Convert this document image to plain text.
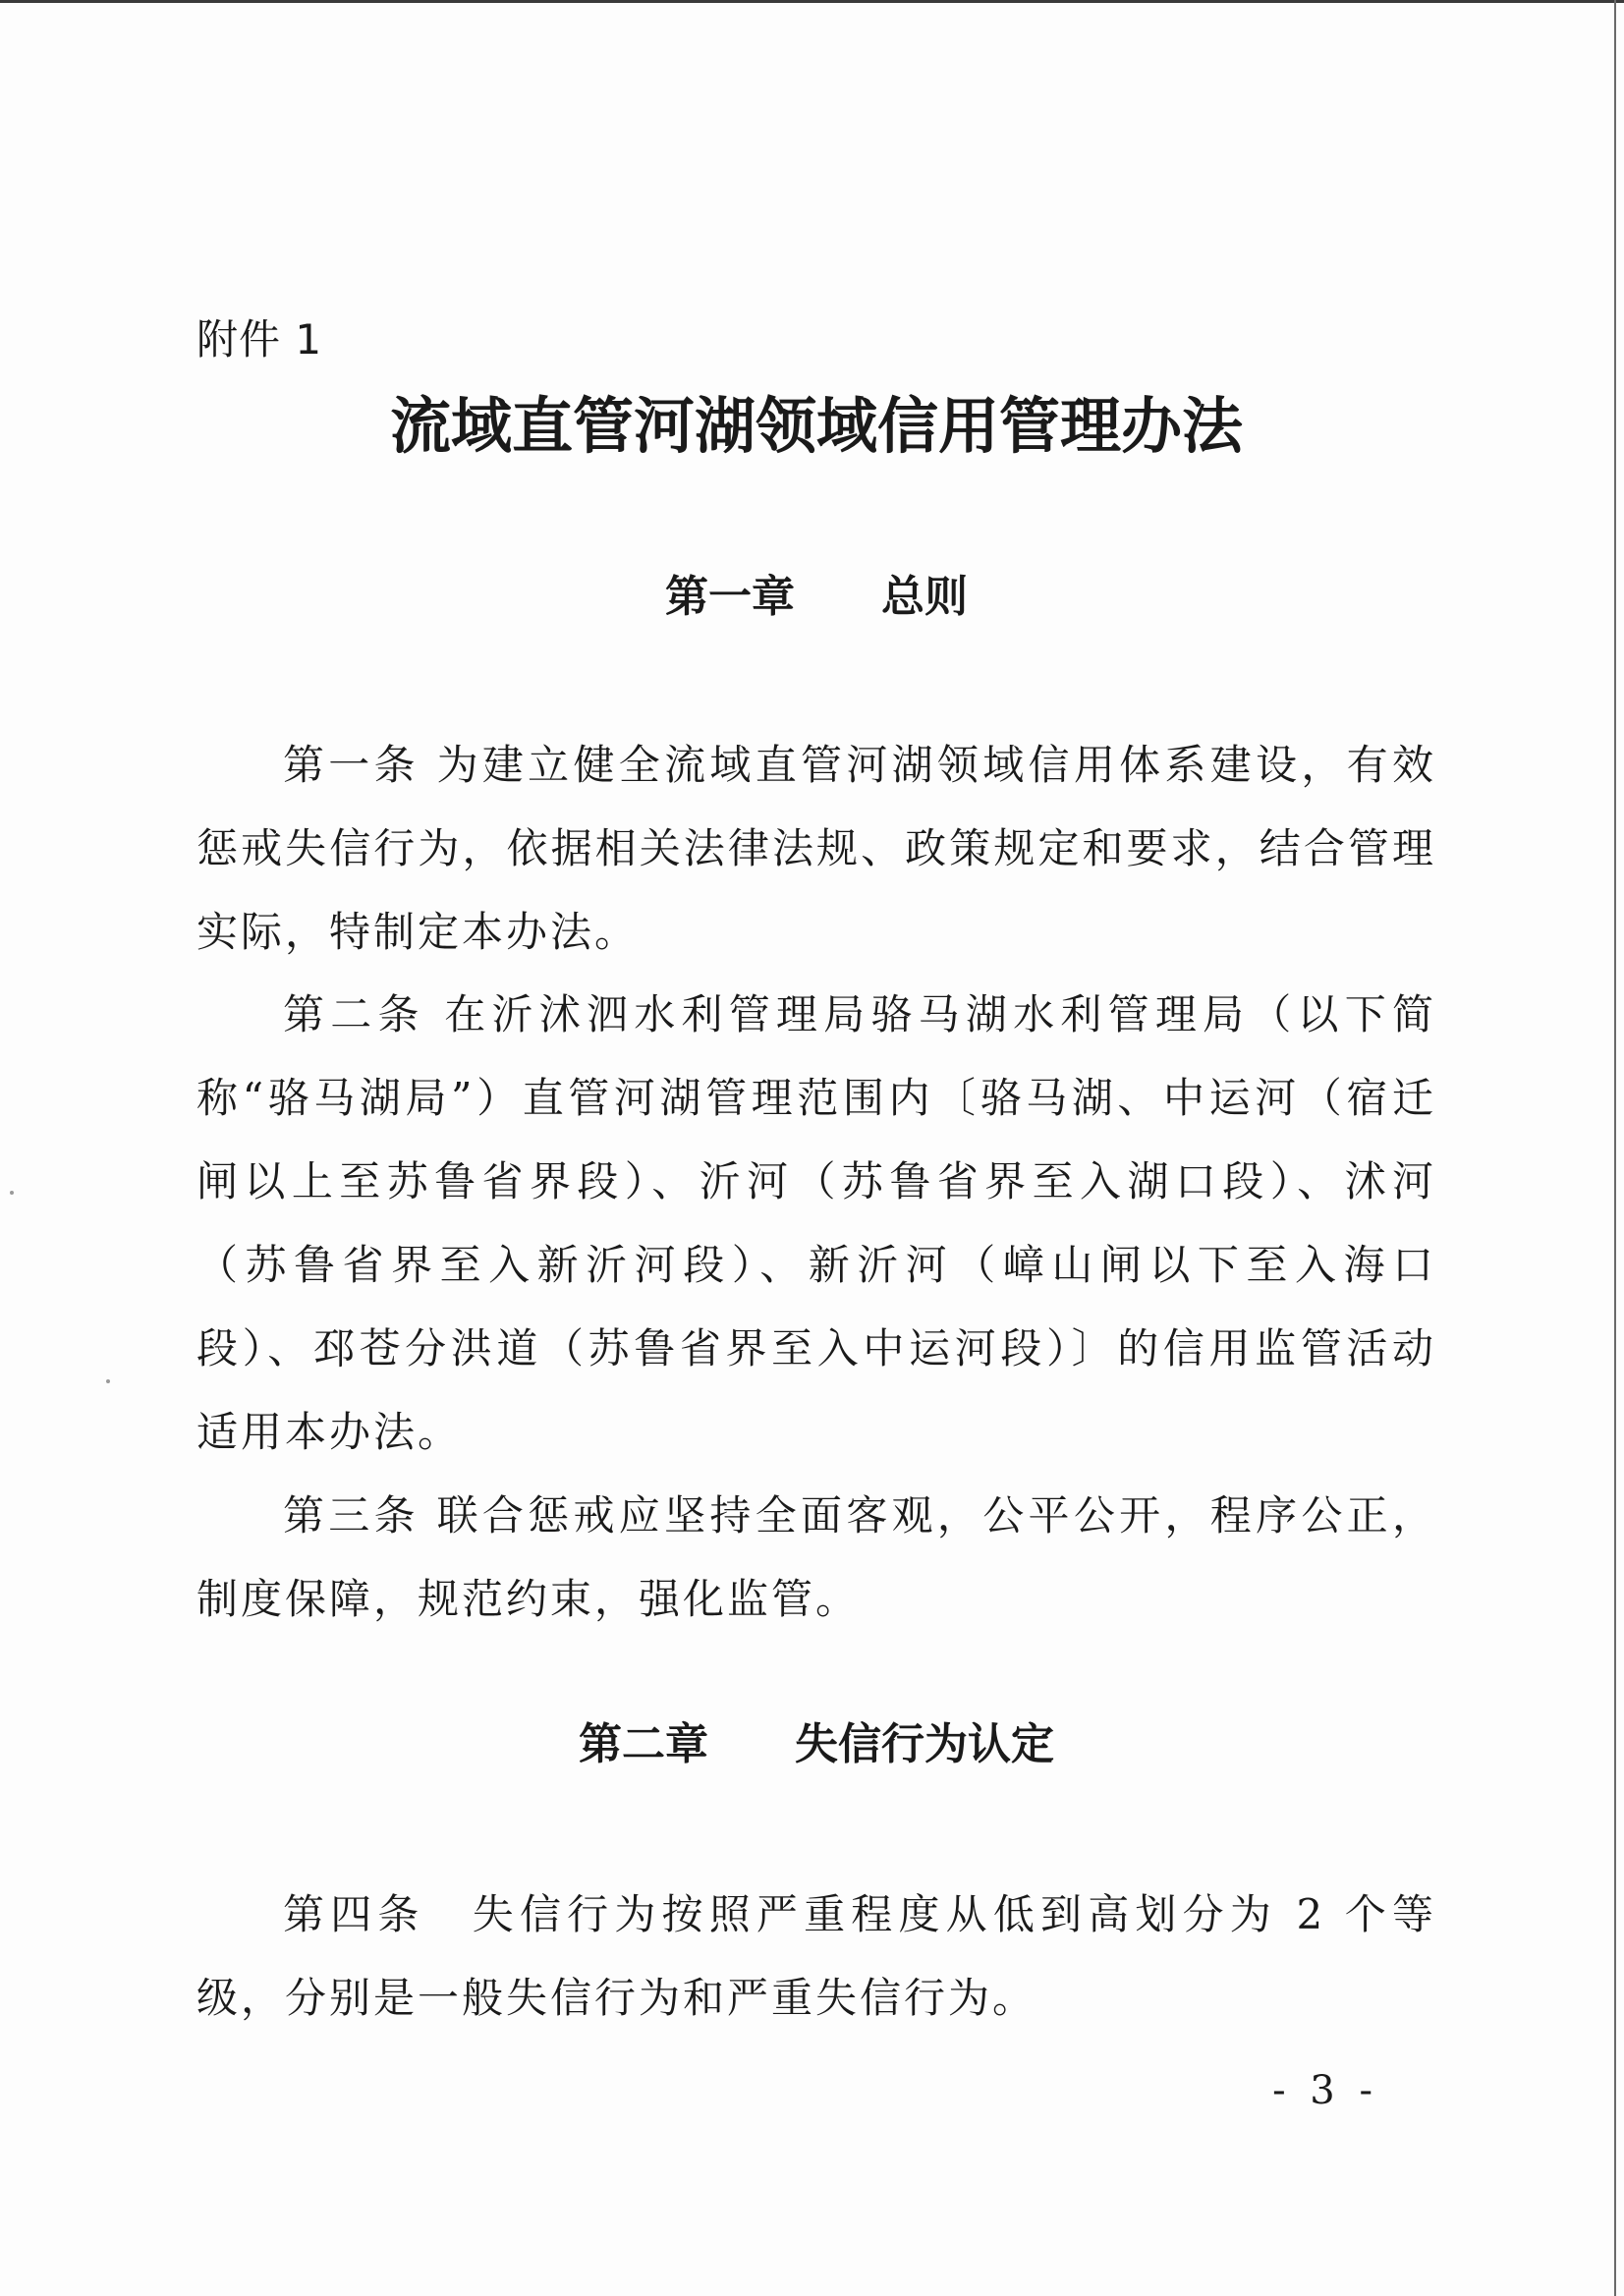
附件 1
流域直管河湖领域信用管理办法
第一章　　总则

第一条 为建立健全流域直管河湖领域信用体系建设，有效惩戒失信行为，依据相关法律法规、政策规定和要求，结合管理实际，特制定本办法。

第二条 在沂沭泗水利管理局骆马湖水利管理局（以下简称“骆马湖局”）直管河湖管理范围内〔骆马湖、中运河（宿迁闸以上至苏鲁省界段）、沂河（苏鲁省界至入湖口段）、沭河（苏鲁省界至入新沂河段）、新沂河（嶂山闸以下至入海口段）、邳苍分洪道（苏鲁省界至入中运河段）〕的信用监管活动适用本办法。

第三条 联合惩戒应坚持全面客观，公平公开，程序公正，制度保障，规范约束，强化监管。

第二章　　失信行为认定

第四条　失信行为按照严重程度从低到高划分为 2 个等级，分别是一般失信行为和严重失信行为。

- 3 -
